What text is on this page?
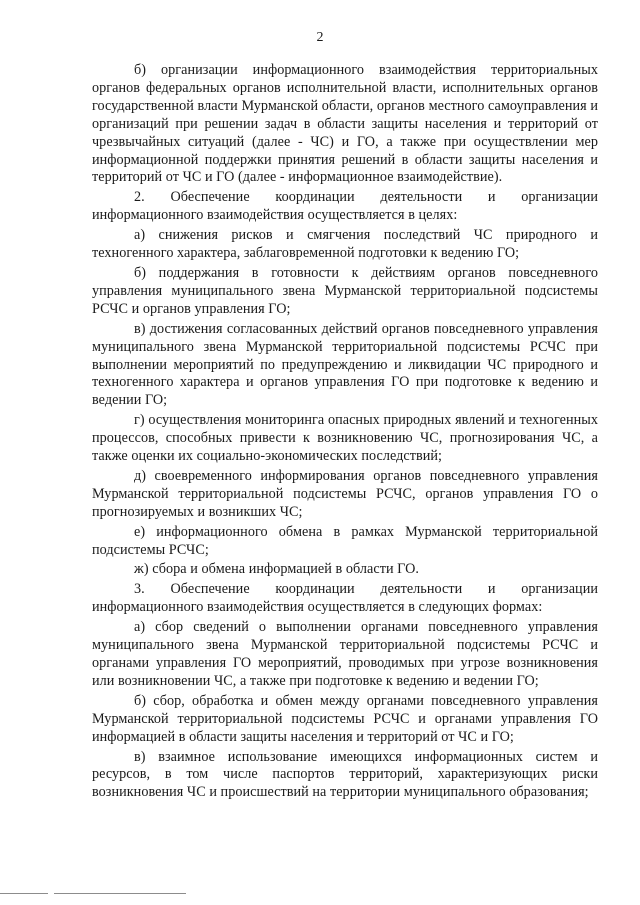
2

б) организации информационного взаимодействия территориальных органов федеральных органов исполнительной власти, исполнительных органов государственной власти Мурманской области, органов местного самоуправления и организаций при решении задач в области защиты населения и территорий от чрезвычайных ситуаций (далее - ЧС) и ГО, а также при осуществлении мер информационной поддержки принятия решений в области защиты населения и территорий от ЧС и ГО (далее - информационное взаимодействие).

2. Обеспечение координации деятельности и организации информационного взаимодействия осуществляется в целях:

а) снижения рисков и смягчения последствий ЧС природного и техногенного характера, заблаговременной подготовки к ведению ГО;

б) поддержания в готовности к действиям органов повседневного управления муниципального звена Мурманской территориальной подсистемы РСЧС и органов управления ГО;

в) достижения согласованных действий органов повседневного управления муниципального звена Мурманской территориальной подсистемы РСЧС при выполнении мероприятий по предупреждению и ликвидации ЧС природного и техногенного характера и органов управления ГО при подготовке к ведению и ведении ГО;

г) осуществления мониторинга опасных природных явлений и техногенных процессов, способных привести к возникновению ЧС, прогнозирования ЧС, а также оценки их социально-экономических последствий;

д) своевременного информирования органов повседневного управления Мурманской территориальной подсистемы РСЧС, органов управления ГО о прогнозируемых и возникших ЧС;

е) информационного обмена в рамках Мурманской территориальной подсистемы РСЧС;

ж) сбора и обмена информацией в области ГО.

3. Обеспечение координации деятельности и организации информационного взаимодействия осуществляется в следующих формах:

а) сбор сведений о выполнении органами повседневного управления муниципального звена Мурманской территориальной подсистемы РСЧС и органами управления ГО мероприятий, проводимых при угрозе возникновения или возникновении ЧС, а также при подготовке к ведению и ведении ГО;

б) сбор, обработка и обмен между органами повседневного управления Мурманской территориальной подсистемы РСЧС и органами управления ГО информацией в области защиты населения и территорий от ЧС и ГО;

в) взаимное использование имеющихся информационных систем и ресурсов, в том числе паспортов территорий, характеризующих риски возникновения ЧС и происшествий на территории муниципального образования;
